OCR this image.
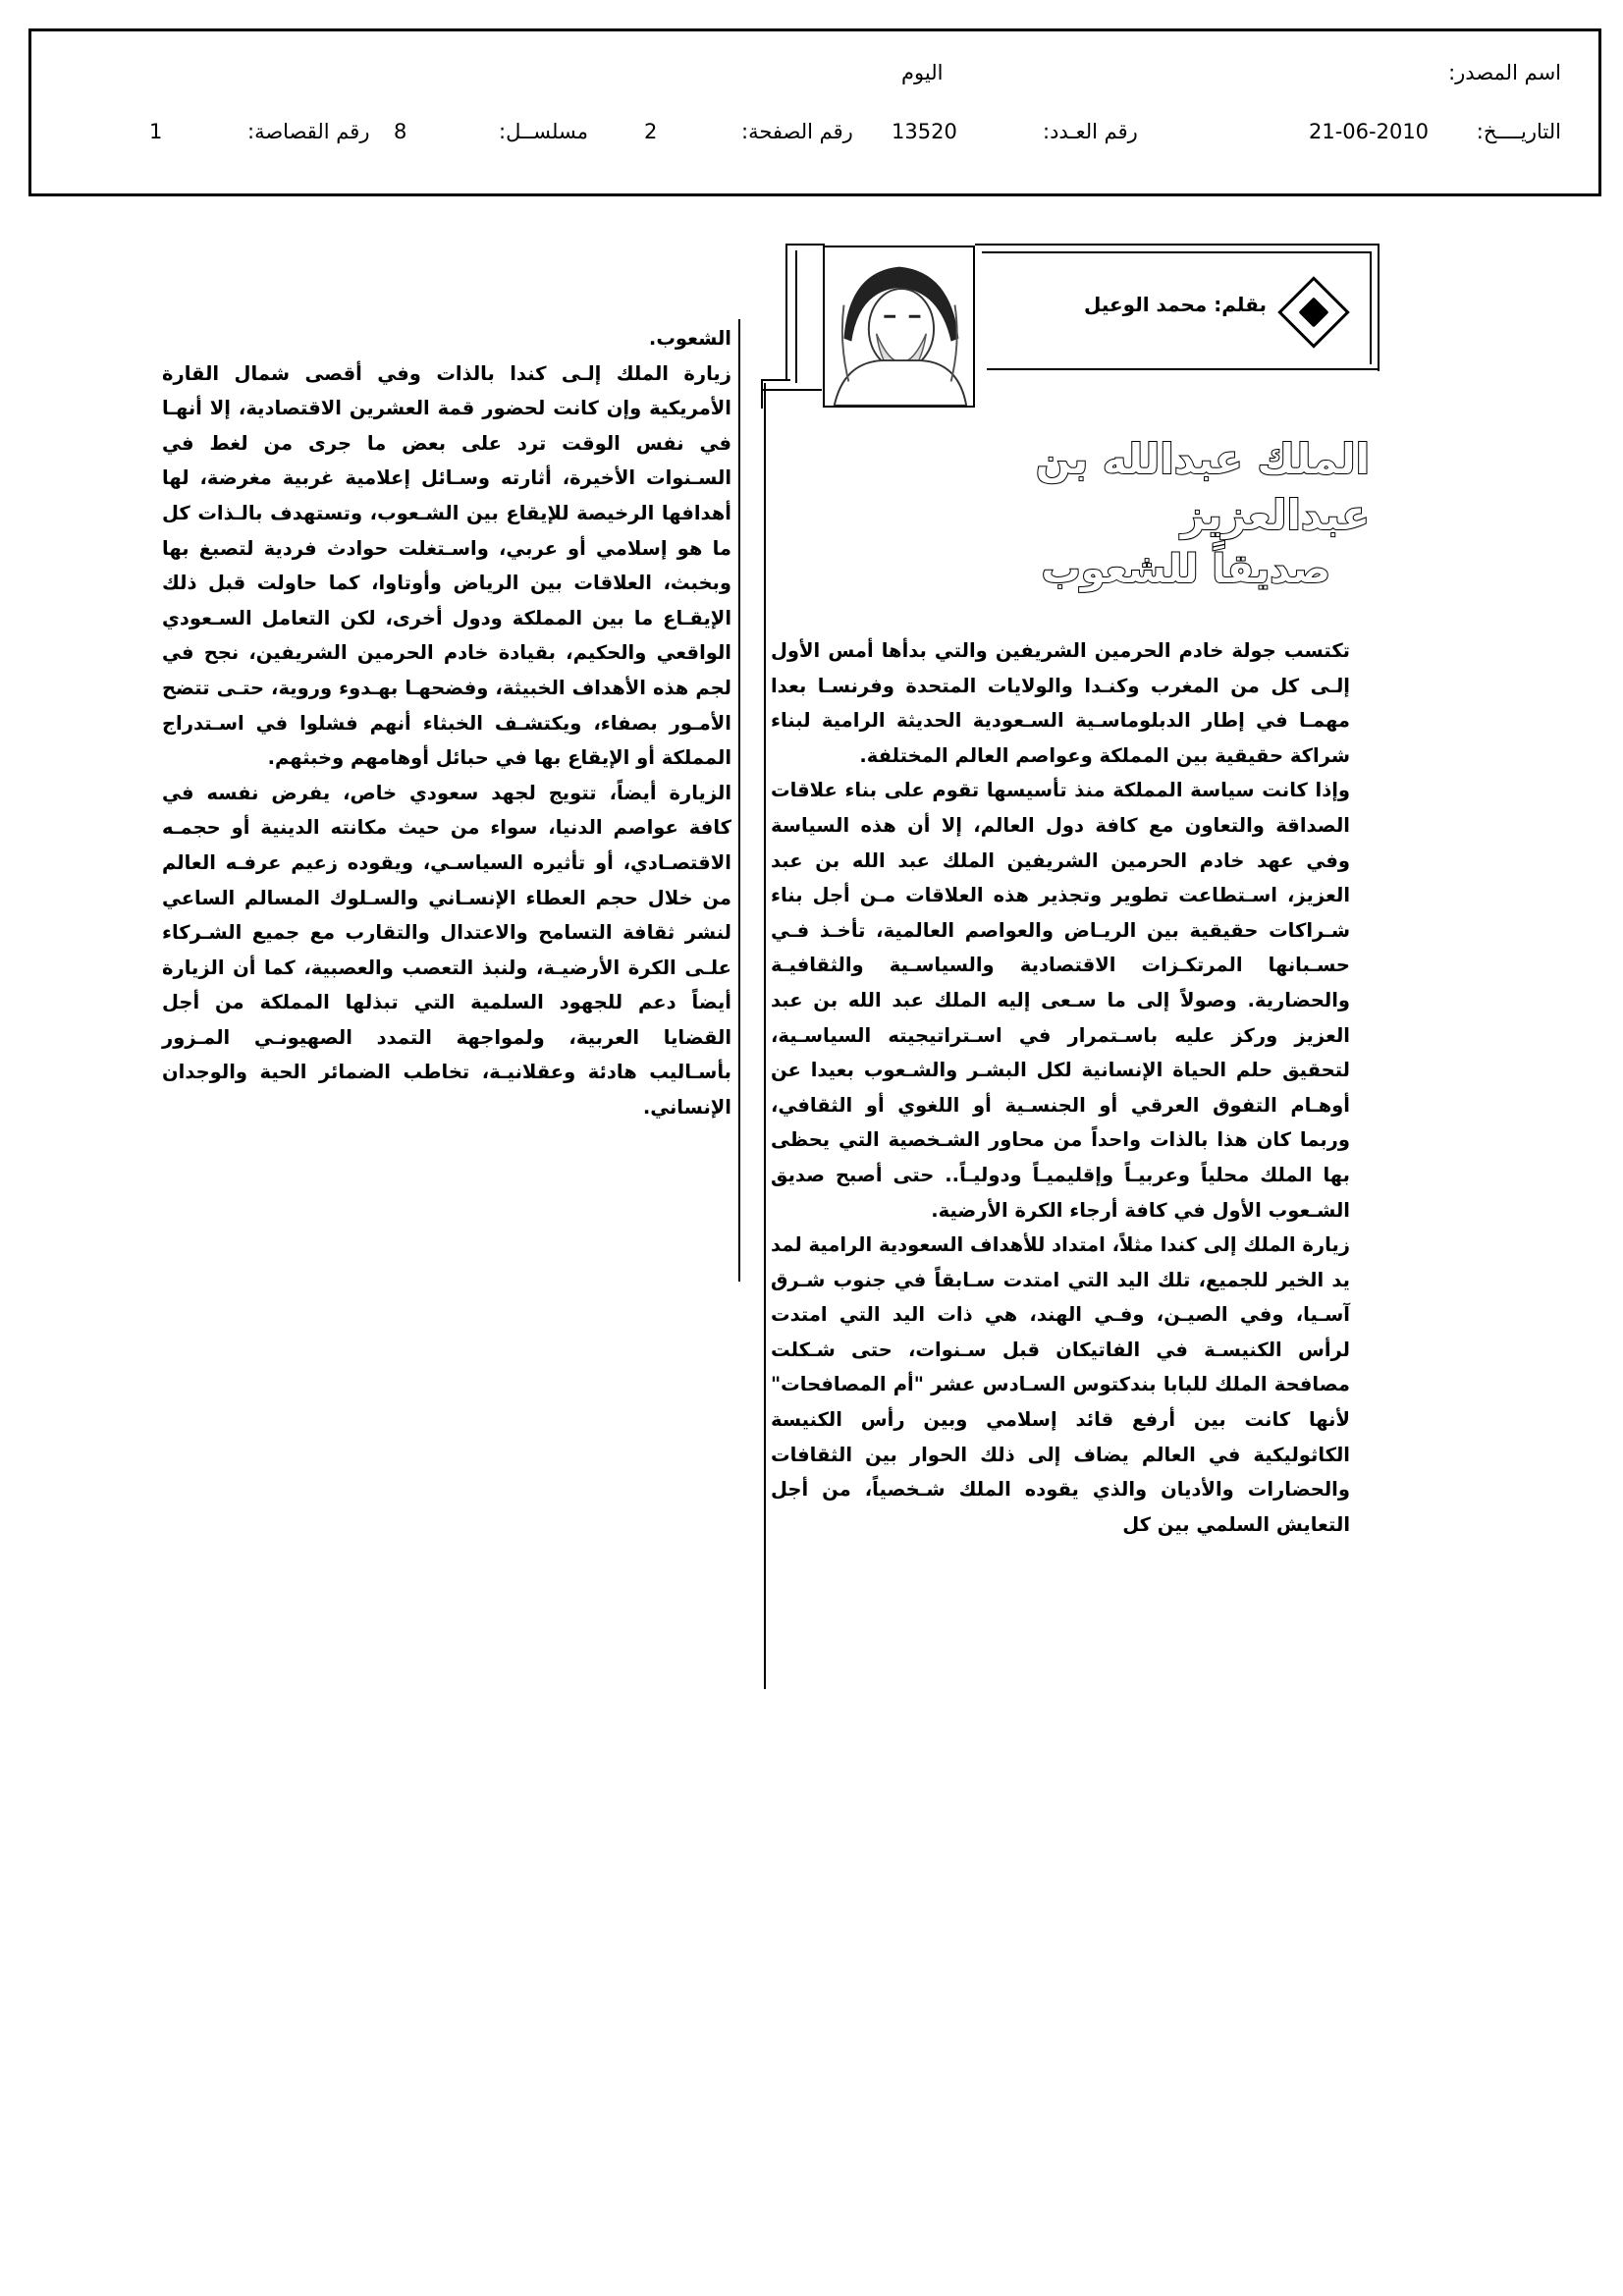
اسم المصدر:
اليوم
التاريــــخ:
21-06-2010
رقم العـدد:
13520
رقم الصفحة:
2
مسلســل:
8
رقم القصاصة:
1
بقلم: محمد الوعيل
الملك عبدالله بن عبدالعزيز
صديقاً للشعوب

تكتسب جولة خادم الحرمين الشريفين والتي بدأها أمس الأول إلـى كل من المغرب وكنـدا والولايات المتحدة وفرنسـا بعدا مهمـا في إطار الدبلوماسـية السـعودية الحديثة الرامية لبناء شراكة حقيقية بين المملكة وعواصم العالم المختلفة.

وإذا كانت سياسة المملكة منذ تأسيسها تقوم على بناء علاقات الصداقة والتعاون مع كافة دول العالم، إلا أن هذه السياسة وفي عهد خادم الحرمين الشريفين الملك عبد الله بن عبد العزيز، اسـتطاعت تطوير وتجذير هذه العلاقات مـن أجل بناء شـراكات حقيقية بين الريـاض والعواصم العالمية، تأخـذ فـي حسـبانها المرتكـزات الاقتصادية والسياسـية والثقافيـة والحضارية. وصولاً إلى ما سـعى إليه الملك عبد الله بن عبد العزيز وركز عليه باسـتمرار في اسـتراتيجيته السياسـية، لتحقيق حلم الحياة الإنسانية لكل البشـر والشـعوب بعيدا عن أوهـام التفوق العرقي أو الجنسـية أو اللغوي أو الثقافي، وربما كان هذا بالذات واحداً من محاور الشـخصية التي يحظى بها الملك محلياً وعربيـاً وإقليميـاً ودوليـاً.. حتى أصبح صديق الشـعوب الأول في كافة أرجاء الكرة الأرضية.

زيارة الملك إلى كندا مثلاً، امتداد للأهداف السعودية الرامية لمد يد الخير للجميع، تلك اليد التي امتدت سـابقاً في جنوب شـرق آسـيا، وفي الصيـن، وفـي الهند، هي ذات اليد التي امتدت لرأس الكنيسـة في الفاتيكان قبل سـنوات، حتى شـكلت مصافحة الملك للبابا بندكتوس السـادس عشر "أم المصافحات" لأنها كانت بين أرفع قائد إسلامي وبين رأس الكنيسة الكاثوليكية في العالم يضاف إلى ذلك الحوار بين الثقافات والحضارات والأديان والذي يقوده الملك شـخصياً، من أجل التعايش السلمي بين كل

الشعوب.

زيارة الملك إلـى كندا بالذات وفي أقصى شمال القارة الأمريكية وإن كانت لحضور قمة العشرين الاقتصادية، إلا أنهـا في نفس الوقت ترد على بعض ما جرى من لغط في السـنوات الأخيرة، أثارته وسـائل إعلامية غربية مغرضة، لها أهدافها الرخيصة للإيقاع بين الشـعوب، وتستهدف بالـذات كل ما هو إسلامي أو عربي، واسـتغلت حوادث فردية لتصبغ بها وبخبث، العلاقات بين الرياض وأوتاوا، كما حاولت قبل ذلك الإيقـاع ما بين المملكة ودول أخرى، لكن التعامل السـعودي الواقعي والحكيم، بقيادة خادم الحرمين الشريفين، نجح في لجم هذه الأهداف الخبيثة، وفضحهـا بهـدوء وروية، حتـى تتضح الأمـور بصفاء، ويكتشـف الخبثاء أنهم فشلوا في اسـتدراج المملكة أو الإيقاع بها في حبائل أوهامهم وخبثهم.

الزيارة أيضاً، تتويج لجهد سعودي خاص، يفرض نفسه في كافة عواصم الدنيا، سواء من حيث مكانته الدينية أو حجمـه الاقتصـادي، أو تأثيره السياسـي، ويقوده زعيم عرفـه العالم من خلال حجم العطاء الإنسـاني والسـلوك المسالم الساعي لنشر ثقافة التسامح والاعتدال والتقارب مع جميع الشـركاء علـى الكرة الأرضيـة، ولنبذ التعصب والعصبية، كما أن الزيارة أيضاً دعم للجهود السلمية التي تبذلها المملكة من أجل القضايا العربية، ولمواجهة التمدد الصهيونـي المـزور بأسـاليب هادئة وعقلانيـة، تخاطب الضمائر الحية والوجدان الإنساني.
